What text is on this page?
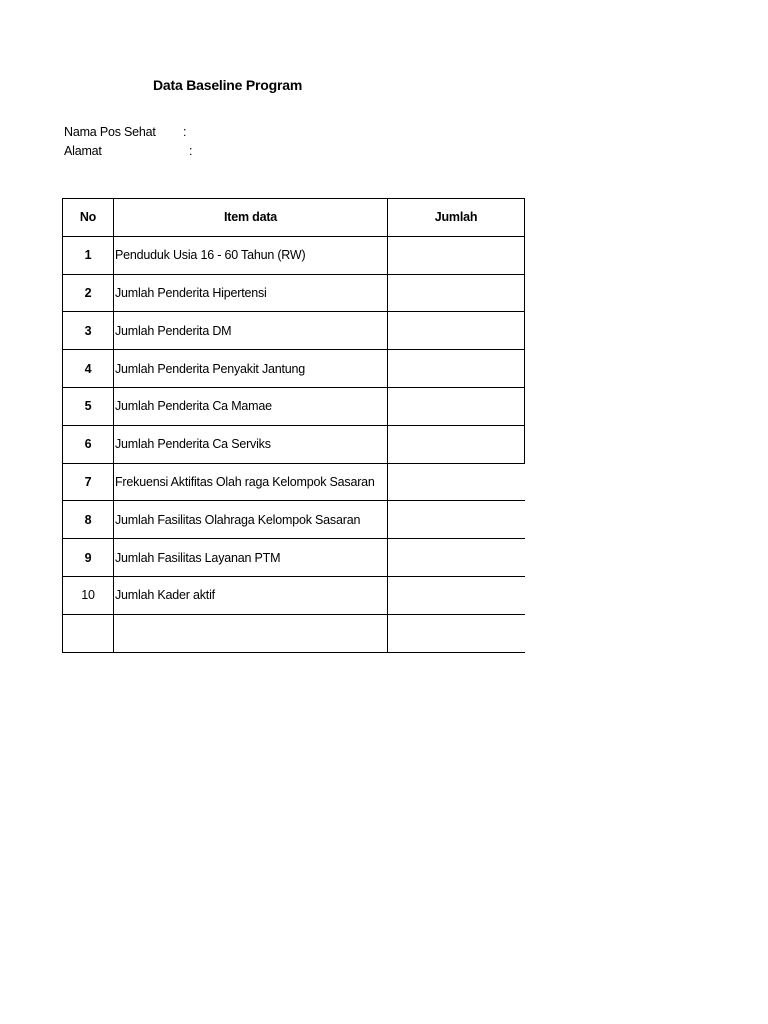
Data Baseline Program
Nama Pos Sehat :
Alamat	:
No	Item data	Jumlah
1	Penduduk Usia 16 - 60 Tahun (RW)	
2	Jumlah Penderita Hipertensi	
3	Jumlah Penderita DM	
4	Jumlah Penderita Penyakit Jantung	
5	Jumlah Penderita Ca Mamae	
6	Jumlah Penderita Ca Serviks	
7	Frekuensi Aktifitas Olah raga Kelompok Sasaran	
8	Jumlah Fasilitas Olahraga Kelompok Sasaran	
9	Jumlah Fasilitas Layanan PTM	
10	Jumlah Kader aktif	
